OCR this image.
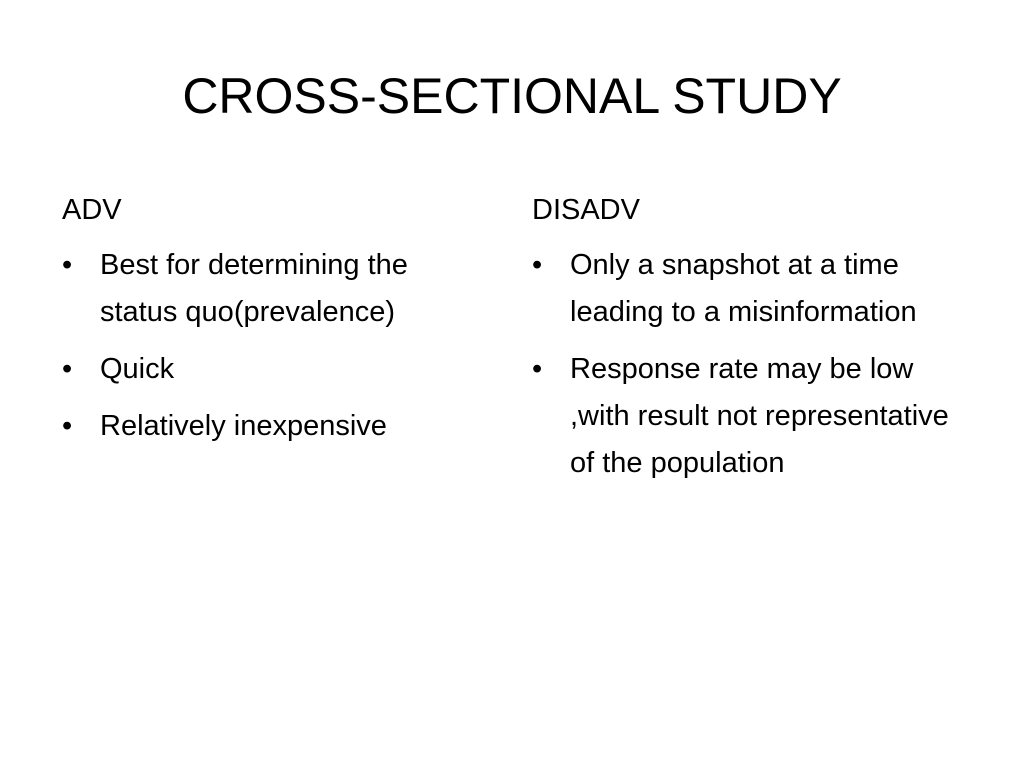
CROSS-SECTIONAL STUDY
ADV
• Best for determining the status quo(prevalence)
• Quick
• Relatively inexpensive
DISADV
• Only a snapshot at a time leading to a misinformation
• Response rate may be low ,with result not representative of the population
